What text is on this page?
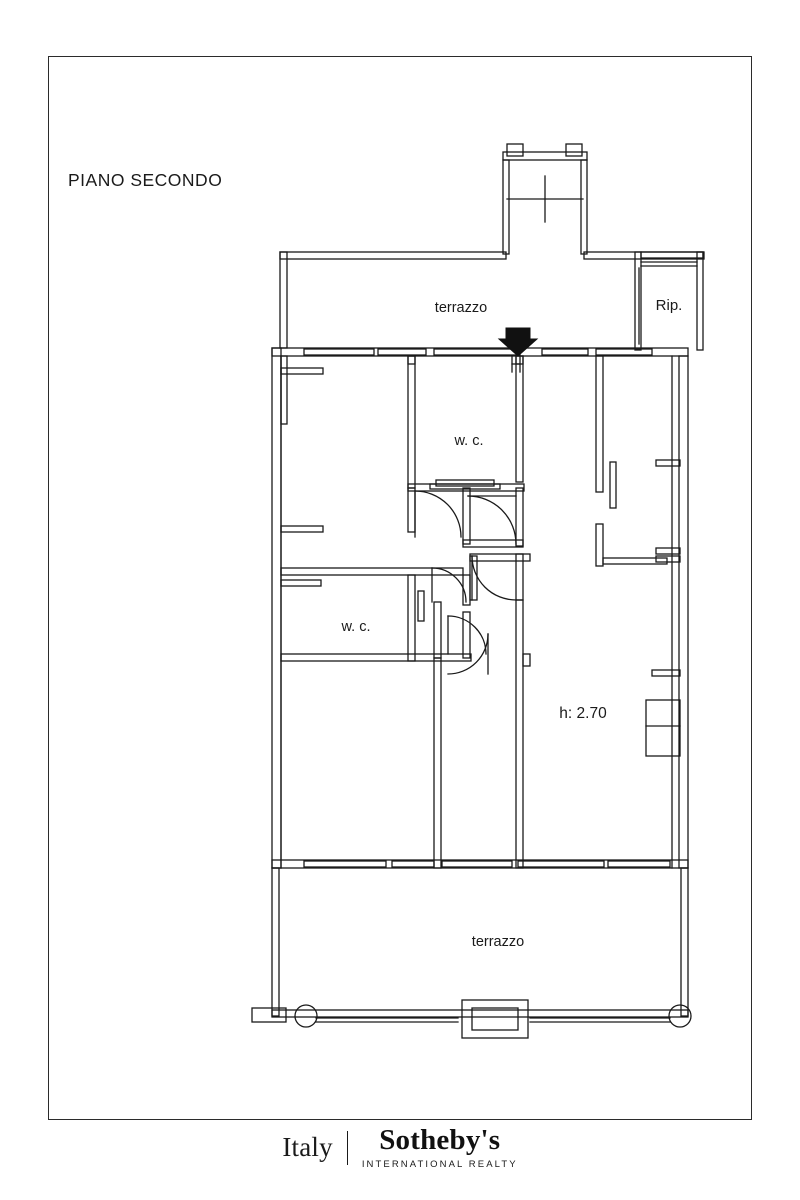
PIANO SECONDO
terrazzo	Rip.
w. c.
w. c.
h: 2.70
terrazzo
Italy Sotheby's
INTERNATIONAL REALTY
